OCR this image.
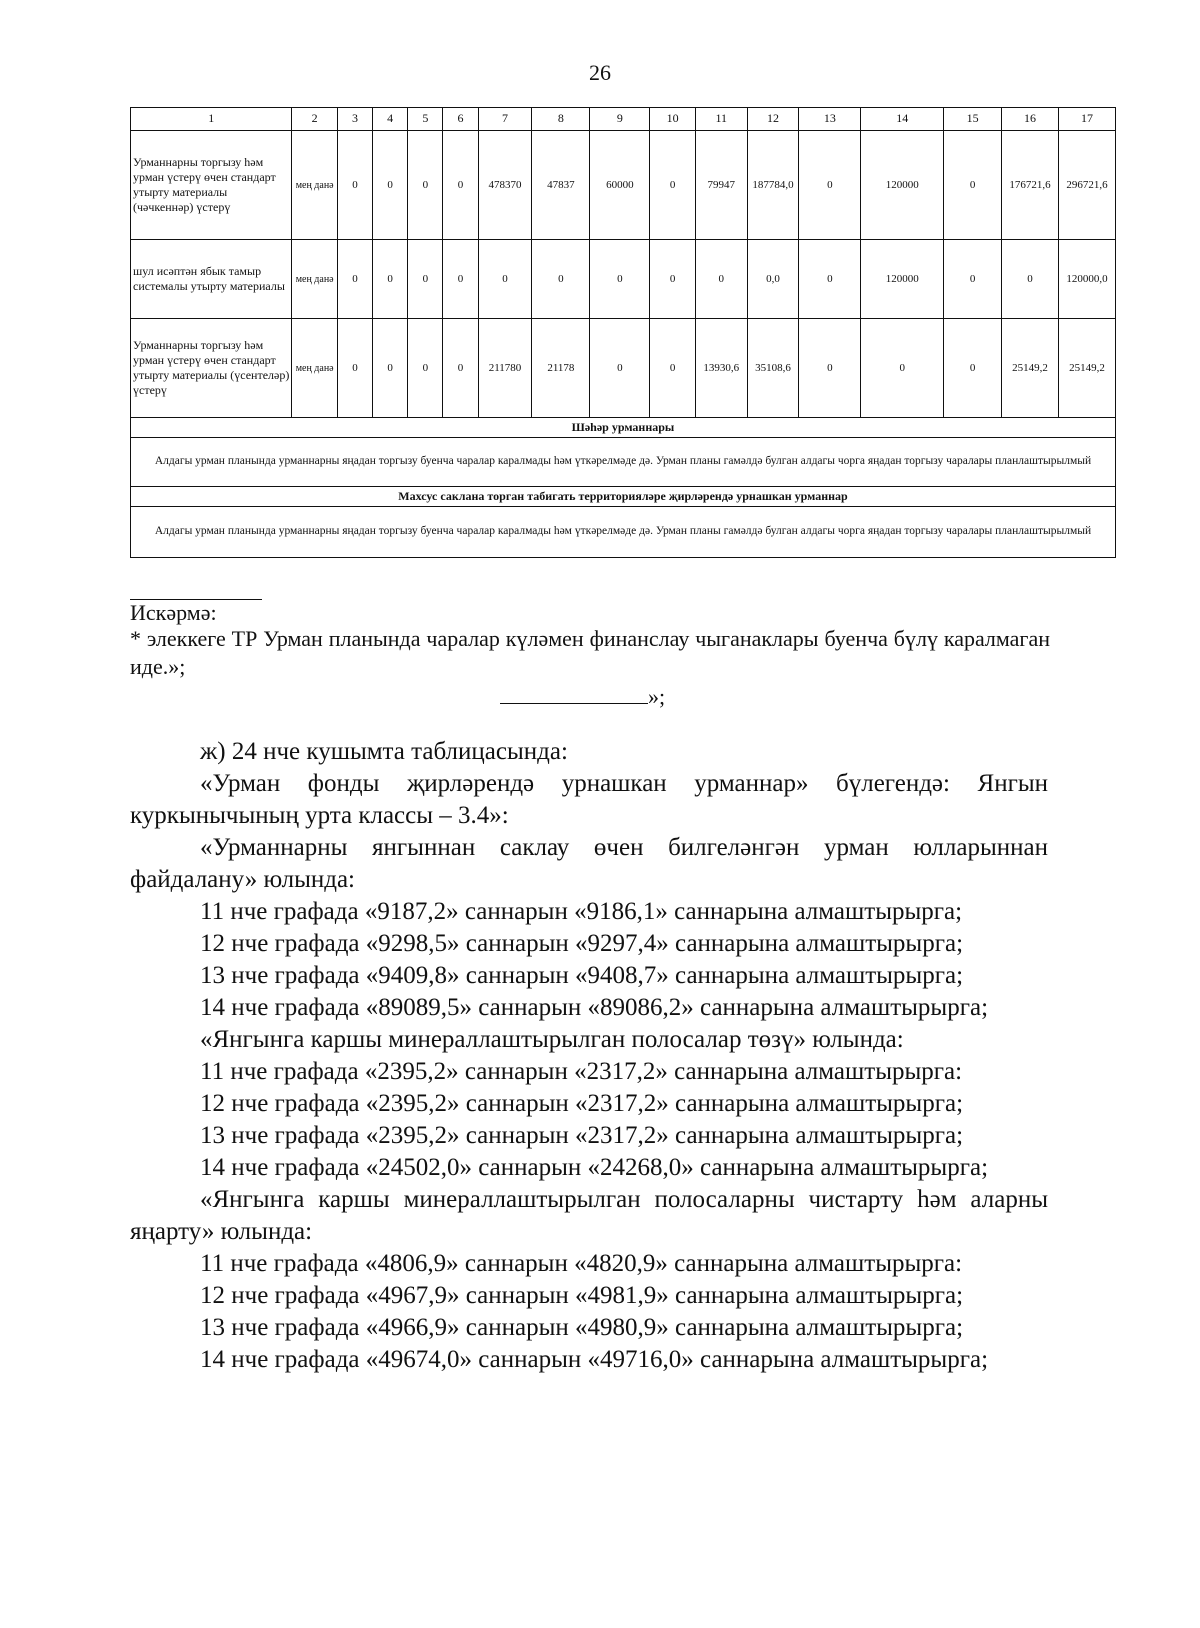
26
1	2	3	4	5	6	7	8	9	10	11	12	13	14	15	16	17
Урманнарны торгызу һәм урман үстерү өчен стандарт утырту материалы (чәчкеннәр) үстерү	мең данә	0	0	0	0	478370	47837	60000	0	79947	187784,0	0	120000	0	176721,6	296721,6
шул исәптән ябык тамыр системалы утырту материалы	мең данә	0	0	0	0	0	0	0	0	0	0,0	0	120000	0	0	120000,0
Урманнарны торгызу һәм урман үстерү өчен стандарт утырту материалы (үсентеләр) үстерү	мең данә	0	0	0	0	211780	21178	0	0	13930,6	35108,6	0	0	0	25149,2	25149,2
Шәһәр урманнары																
Алдагы урман планында урманнарны яңадан торгызу буенча чаралар каралмады һәм үткәрелмәде дә. Урман планы гамәлдә булган алдагы чорга яңадан торгызу чаралары планлаштырылмый																
Махсус саклана торган табигать территорияләре җирләрендә урнашкан урманнар																
Алдагы урман планында урманнарны яңадан торгызу буенча чаралар каралмады һәм үткәрелмәде дә. Урман планы гамәлдә булган алдагы чорга яңадан торгызу чаралары планлаштырылмый																
Искәрмә:
* элеккеге ТР Урман планында чаралар күләмен финанслау чыганаклары буенча бүлү каралмаган иде.»;
»;

ж) 24 нче кушымта таблицасында:

«Урман фонды җирләрендә урнашкан урманнар» бүлегендә: Янгын куркынычының урта классы – 3.4»:

«Урманнарны янгыннан саклау өчен билгеләнгән урман юлларыннан файдалану» юлында:

11 нче графада «9187,2» саннарын «9186,1» саннарына алмаштырырга;

12 нче графада «9298,5» саннарын «9297,4» саннарына алмаштырырга;

13 нче графада «9409,8» саннарын «9408,7» саннарына алмаштырырга;

14 нче графада «89089,5» саннарын «89086,2» саннарына алмаштырырга;

«Янгынга каршы минераллаштырылган полосалар төзү» юлында:

11 нче графада «2395,2» саннарын «2317,2» саннарына алмаштырырга:

12 нче графада «2395,2» саннарын «2317,2» саннарына алмаштырырга;

13 нче графада «2395,2» саннарын «2317,2» саннарына алмаштырырга;

14 нче графада «24502,0» саннарын «24268,0» саннарына алмаштырырга;

«Янгынга каршы минераллаштырылган полосаларны чистарту һәм аларны яңарту» юлында:

11 нче графада «4806,9» саннарын «4820,9» саннарына алмаштырырга:

12 нче графада «4967,9» саннарын «4981,9» саннарына алмаштырырга;

13 нче графада «4966,9» саннарын «4980,9» саннарына алмаштырырга;

14 нче графада «49674,0» саннарын «49716,0» саннарына алмаштырырга;
